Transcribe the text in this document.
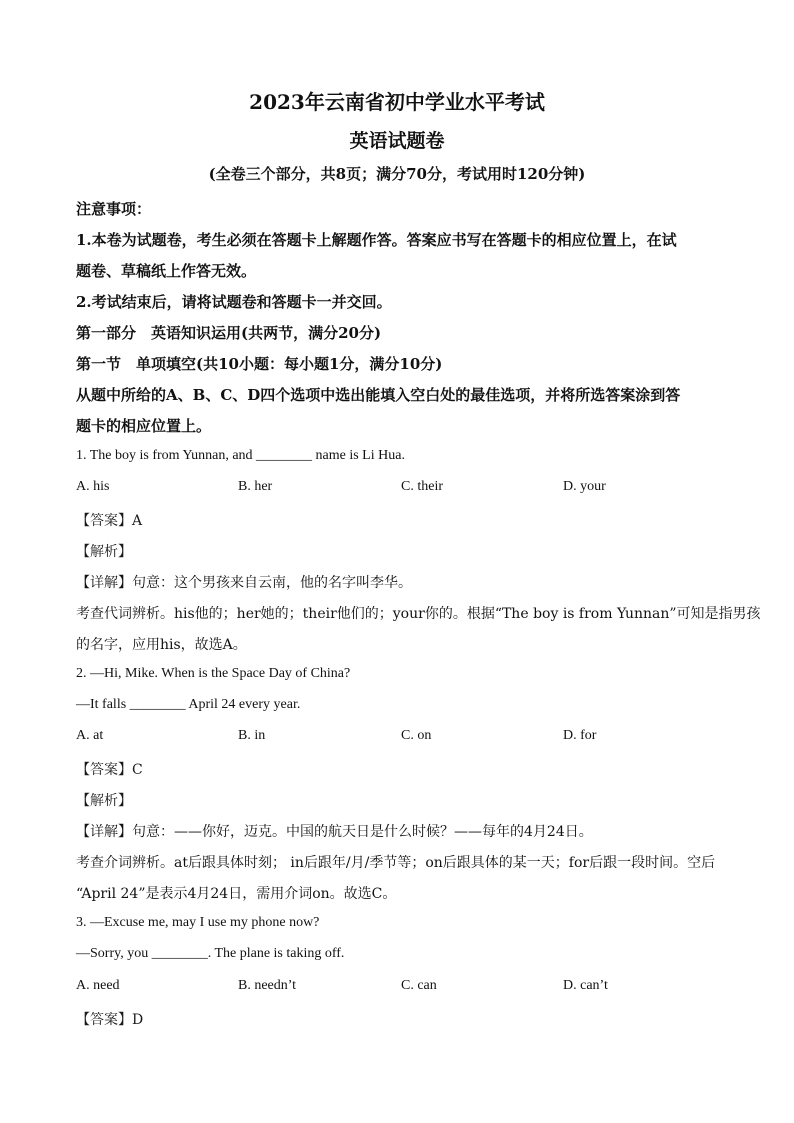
2023年云南省初中学业水平考试
英语试题卷
(全卷三个部分，共8页；满分70分，考试用时120分钟)
注意事项：
1.本卷为试题卷，考生必须在答题卡上解题作答。答案应书写在答题卡的相应位置上，在试
题卷、草稿纸上作答无效。
2.考试结束后，请将试题卷和答题卡一并交回。
第一部分　英语知识运用(共两节，满分20分)
第一节　单项填空(共10小题：每小题1分，满分10分)
从题中所给的A、B、C、D四个选项中选出能填入空白处的最佳选项，并将所选答案涂到答
题卡的相应位置上。
1. The boy is from Yunnan, and ________ name is Li Hua.
A. his	B. her	C. their	D. your
【答案】A
【解析】
【详解】句意：这个男孩来自云南，他的名字叫李华。
考查代词辨析。his他的；her她的；their他们的；your你的。根据“The boy is from Yunnan”可知是指男孩
的名字，应用his，故选A。
2. —Hi, Mike. When is the Space Day of China?
—It falls ________ April 24 every year.
A. at	B. in	C. on	D. for
【答案】C
【解析】
【详解】句意：——你好，迈克。中国的航天日是什么时候？——每年的4月24日。
考查介词辨析。at后跟具体时刻； in后跟年/月/季节等；on后跟具体的某一天；for后跟一段时间。空后
“April 24”是表示4月24日，需用介词on。故选C。
3. —Excuse me, may I use my phone now?
—Sorry, you ________. The plane is taking off.
A. need	B. needn’t	C. can	D. can’t
【答案】D
